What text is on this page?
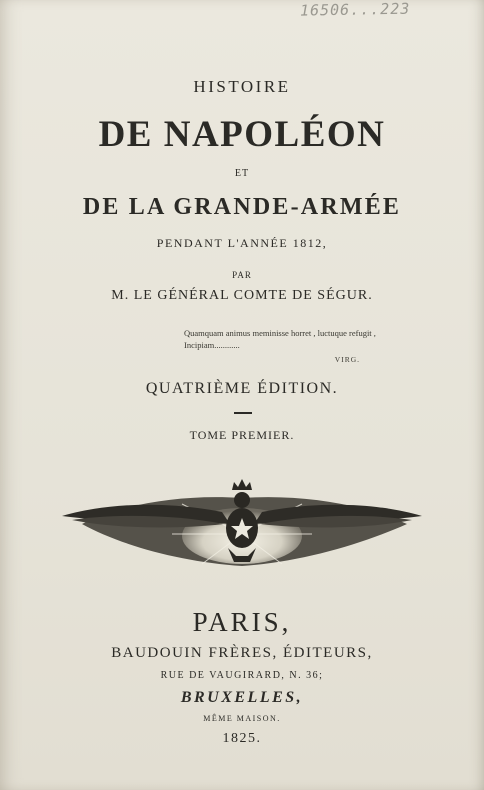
16506...223
HISTOIRE
DE NAPOLÉON
ET
DE LA GRANDE-ARMÉE
PENDANT L'ANNÉE 1812,
PAR
M. LE GÉNÉRAL COMTE DE SÉGUR.
Quamquam animus meminisse horret , luctuque refugit ,
Incipiam............
VIRG.
QUATRIÈME ÉDITION.
TOME PREMIER.
PARIS,
BAUDOUIN FRÈRES, ÉDITEURS,
RUE DE VAUGIRARD, N. 36;
BRUXELLES,
MÊME MAISON.
1825.
